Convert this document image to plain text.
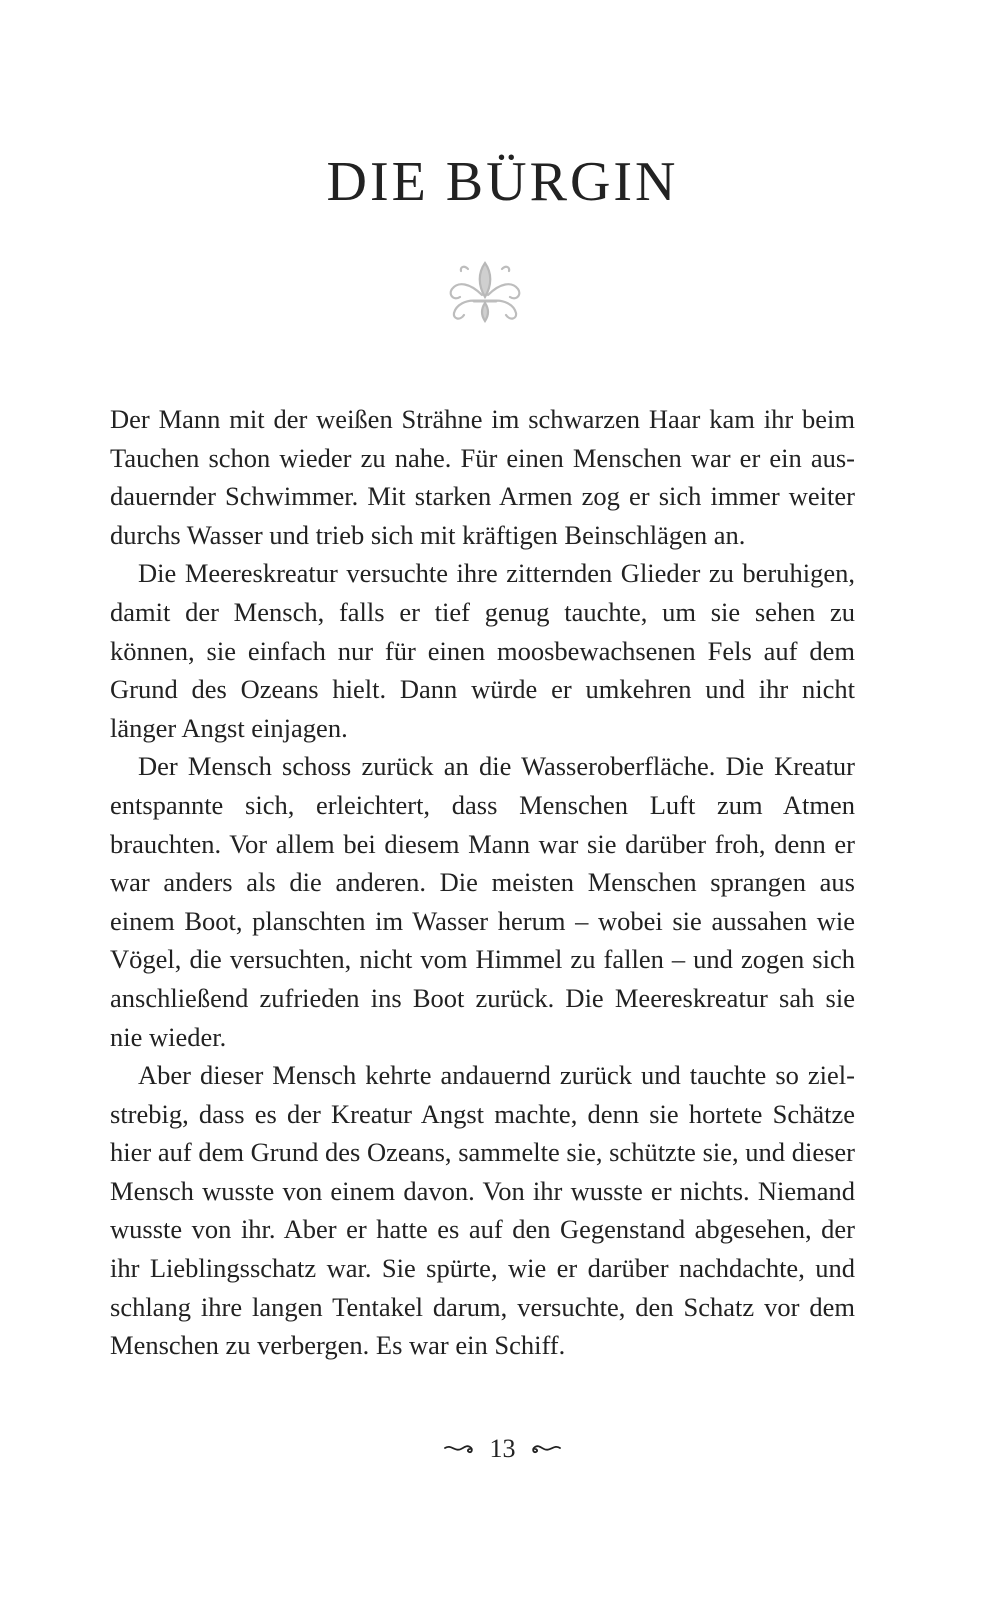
DIE BÜRGIN

Der Mann mit der weißen Strähne im schwarzen Haar kam ihr beim Tauchen schon wieder zu nahe. Für einen Menschen war er ein ausdauernder Schwimmer. Mit starken Armen zog er sich immer weiter durchs Wasser und trieb sich mit kräftigen Beinschlägen an.

Die Meereskreatur versuchte ihre zitternden Glieder zu beruhigen, damit der Mensch, falls er tief genug tauchte, um sie sehen zu können, sie einfach nur für einen moosbewachsenen Fels auf dem Grund des Ozeans hielt. Dann würde er umkehren und ihr nicht länger Angst einjagen.

Der Mensch schoss zurück an die Wasseroberfläche. Die Kreatur entspannte sich, erleichtert, dass Menschen Luft zum Atmen brauchten. Vor allem bei diesem Mann war sie darüber froh, denn er war anders als die anderen. Die meisten Menschen sprangen aus einem Boot, planschten im Wasser herum – wobei sie aussahen wie Vögel, die versuchten, nicht vom Himmel zu fallen – und zogen sich anschließend zufrieden ins Boot zurück. Die Meereskreatur sah sie nie wieder.

Aber dieser Mensch kehrte andauernd zurück und tauchte so zielstrebig, dass es der Kreatur Angst machte, denn sie hortete Schätze hier auf dem Grund des Ozeans, sammelte sie, schützte sie, und dieser Mensch wusste von einem davon. Von ihr wusste er nichts. Niemand wusste von ihr. Aber er hatte es auf den Gegenstand abgesehen, der ihr Lieblingsschatz war. Sie spürte, wie er darüber nachdachte, und schlang ihre langen Tentakel darum, versuchte, den Schatz vor dem Menschen zu verbergen. Es war ein Schiff.

13
